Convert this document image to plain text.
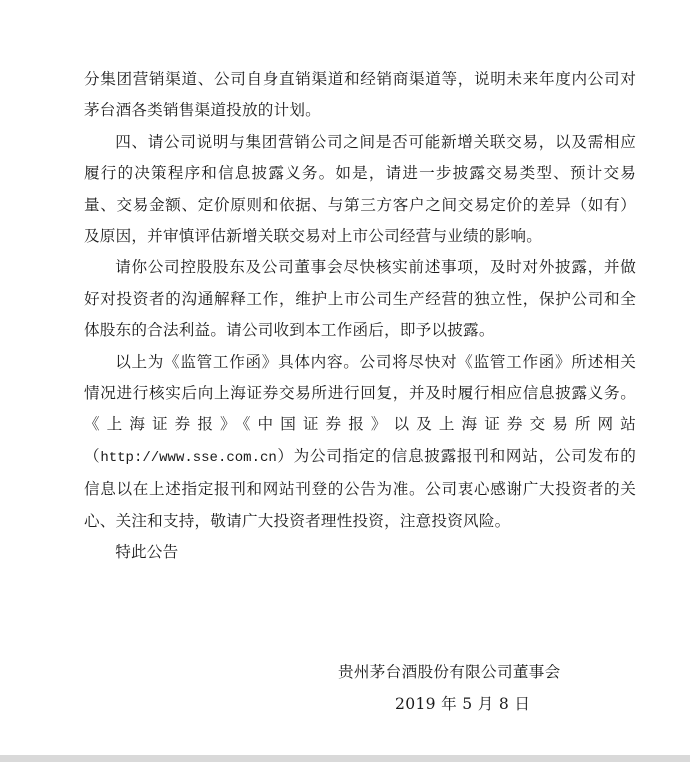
分集团营销渠道、公司自身直销渠道和经销商渠道等，说明未来年度内公司对茅台酒各类销售渠道投放的计划。

四、请公司说明与集团营销公司之间是否可能新增关联交易，以及需相应履行的决策程序和信息披露义务。如是，请进一步披露交易类型、预计交易量、交易金额、定价原则和依据、与第三方客户之间交易定价的差异（如有）及原因，并审慎评估新增关联交易对上市公司经营与业绩的影响。

请你公司控股股东及公司董事会尽快核实前述事项，及时对外披露，并做好对投资者的沟通解释工作，维护上市公司生产经营的独立性，保护公司和全体股东的合法利益。请公司收到本工作函后，即予以披露。

以上为《监管工作函》具体内容。公司将尽快对《监管工作函》所述相关情况进行核实后向上海证券交易所进行回复，并及时履行相应信息披露义务。《上海证券报》《中国证券报》以及上海证券交易所网站（http://www.sse.com.cn）为公司指定的信息披露报刊和网站，公司发布的信息以在上述指定报刊和网站刊登的公告为准。公司衷心感谢广大投资者的关心、关注和支持，敬请广大投资者理性投资，注意投资风险。

特此公告

贵州茅台酒股份有限公司董事会
2019 年 5 月 8 日
